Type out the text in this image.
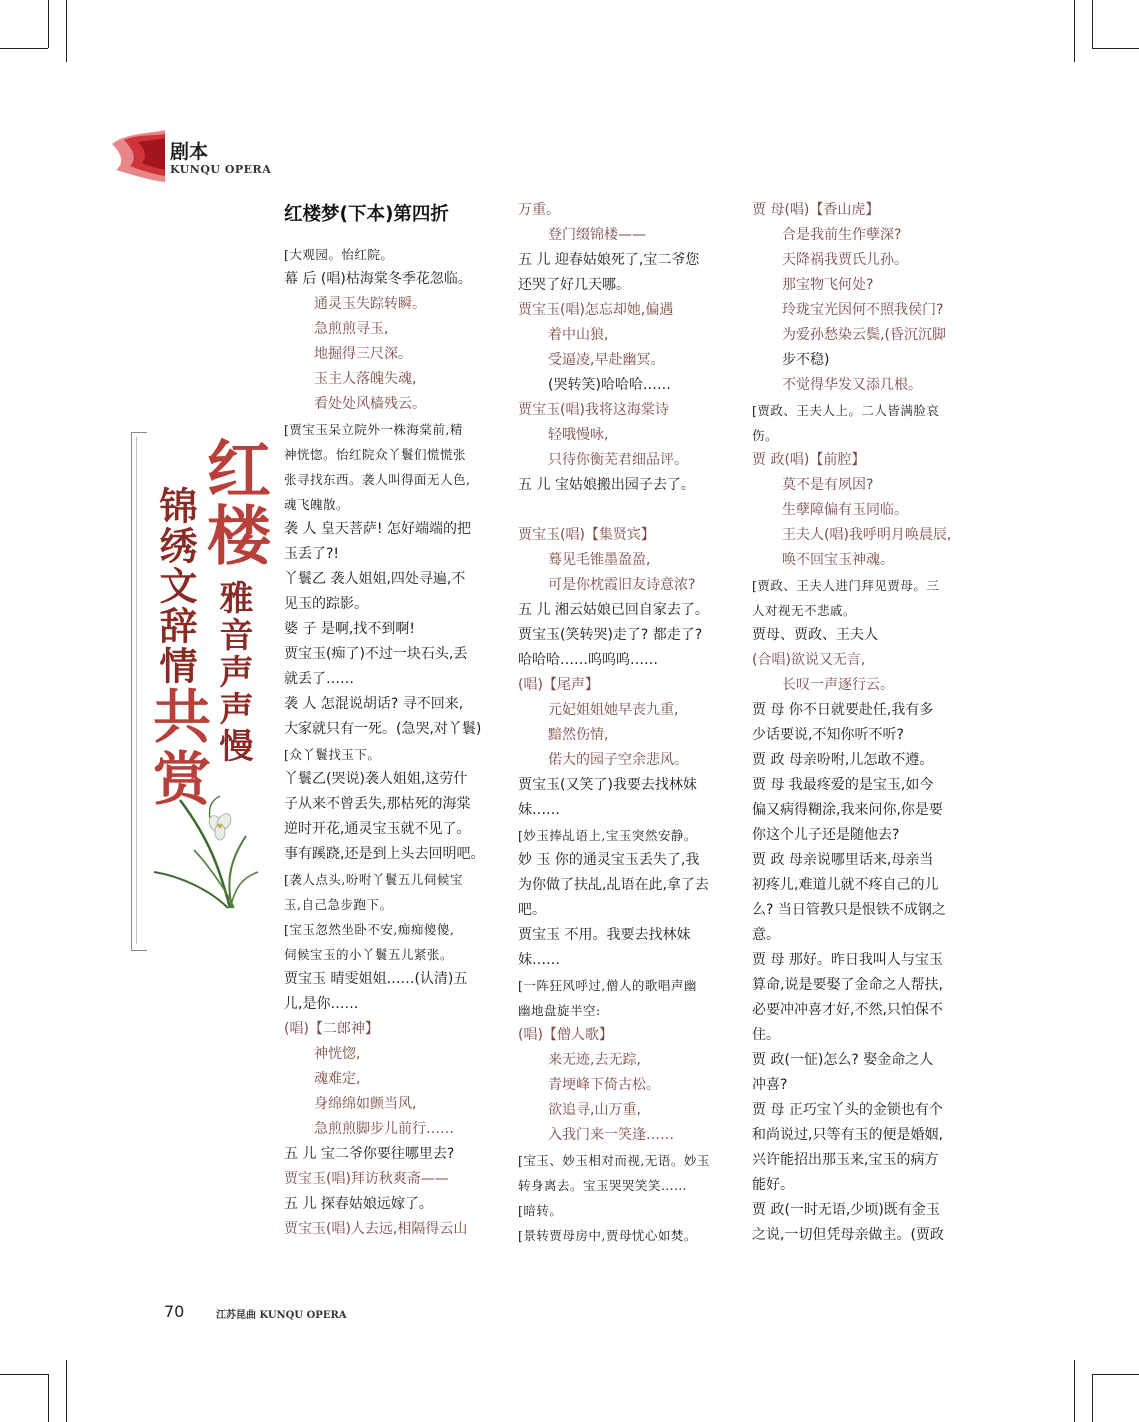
剧本
KUNQU OPERA
红楼
雅音声声慢
锦绣文辞情
共赏

红楼梦(下本)第四折

[大观园。怡红院。

幕 后 (唱)枯海棠冬季花忽临。

通灵玉失踪转瞬。

急煎煎寻玉,

地掘得三尺深。

玉主人落魄失魂,

看处处风樯残云。

[贾宝玉呆立院外一株海棠前,精

神恍惚。怡红院众丫鬟们慌慌张

张寻找东西。袭人叫得面无人色,

魂飞魄散。

袭 人 皇天菩萨! 怎好端端的把

玉丢了?!

丫鬟乙 袭人姐姐,四处寻遍,不

见玉的踪影。

婆 子 是啊,找不到啊!

贾宝玉(痴了)不过一块石头,丢

就丢了……

袭 人 怎混说胡话? 寻不回来,

大家就只有一死。(急哭,对丫鬟)

[众丫鬟找玉下。

丫鬟乙(哭说)袭人姐姐,这劳什

子从来不曾丢失,那枯死的海棠

逆时开花,通灵宝玉就不见了。

事有蹊跷,还是到上头去回明吧。

[袭人点头,吩咐丫鬟五儿伺候宝

玉,自己急步跑下。

[宝玉忽然坐卧不安,痴痴傻傻,

伺候宝玉的小丫鬟五儿紧张。

贾宝玉 晴雯姐姐……(认清)五

儿,是你……

(唱)【二郎神】

神恍惚,

魂难定,

身绵绵如颤当风,

急煎煎脚步儿前行……

五 儿 宝二爷你要往哪里去?

贾宝玉(唱)拜访秋爽斋——

五 儿 探春姑娘远嫁了。

贾宝玉(唱)人去远,相隔得云山

万重。

登门缀锦楼——

五 儿 迎春姑娘死了,宝二爷您

还哭了好几天哪。

贾宝玉(唱)怎忘却她,偏遇

着中山狼,

受逼凌,早赴幽冥。

(哭转笑)哈哈哈……

贾宝玉(唱)我将这海棠诗

轻哦慢咏,

只待你衡芜君细品评。

五 儿 宝姑娘搬出园子去了。

贾宝玉(唱)【集贤宾】

蓦见毛锥墨盈盈,

可是你枕霞旧友诗意浓?

五 儿 湘云姑娘已回自家去了。

贾宝玉(笑转哭)走了? 都走了?

哈哈哈……呜呜呜……

(唱)【尾声】

元妃姐姐她早丧九重,

黯然伤情,

偌大的园子空余悲风。

贾宝玉(又笑了)我要去找林妹

妹……

[妙玉捧乩语上,宝玉突然安静。

妙 玉 你的通灵宝玉丢失了,我

为你做了扶乩,乩语在此,拿了去

吧。

贾宝玉 不用。我要去找林妹

妹……

[一阵狂风呼过,僧人的歌唱声幽

幽地盘旋半空:

(唱)【僧人歌】

来无迹,去无踪,

青埂峰下倚古松。

欲追寻,山万重,

入我门来一笑逢……

[宝玉、妙玉相对而视,无语。妙玉

转身离去。宝玉哭哭笑笑……

[暗转。

[景转贾母房中,贾母忧心如焚。

贾 母(唱)【香山虎】

合是我前生作孽深?

天降祸我贾氏儿孙。

那宝物飞何处?

玲珑宝光因何不照我侯门?

为爱孙愁染云鬓,(昏沉沉脚

步不稳)

不觉得华发又添几根。

[贾政、王夫人上。二人皆满脸哀

伤。

贾 政(唱)【前腔】

莫不是有夙因?

生孽障偏有玉同临。

王夫人(唱)我呼明月唤晨辰,

唤不回宝玉神魂。

[贾政、王夫人进门拜见贾母。三

人对视无不悲戚。

贾母、贾政、王夫人

(合唱)欲说又无言,

长叹一声逐行云。

贾 母 你不日就要赴任,我有多

少话要说,不知你听不听?

贾 政 母亲吩咐,儿怎敢不遵。

贾 母 我最疼爱的是宝玉,如今

偏又病得糊涂,我来问你,你是要

你这个儿子还是随他去?

贾 政 母亲说哪里话来,母亲当

初疼儿,难道儿就不疼自己的儿

么? 当日管教只是恨铁不成钢之

意。

贾 母 那好。昨日我叫人与宝玉

算命,说是要娶了金命之人帮扶,

必要冲冲喜才好,不然,只怕保不

住。

贾 政(一怔)怎么? 娶金命之人

冲喜?

贾 母 正巧宝丫头的金锁也有个

和尚说过,只等有玉的便是婚姻,

兴许能招出那玉来,宝玉的病方

能好。

贾 政(一时无语,少顷)既有金玉

之说,一切但凭母亲做主。(贾政

70	江苏昆曲 KUNQU OPERA
